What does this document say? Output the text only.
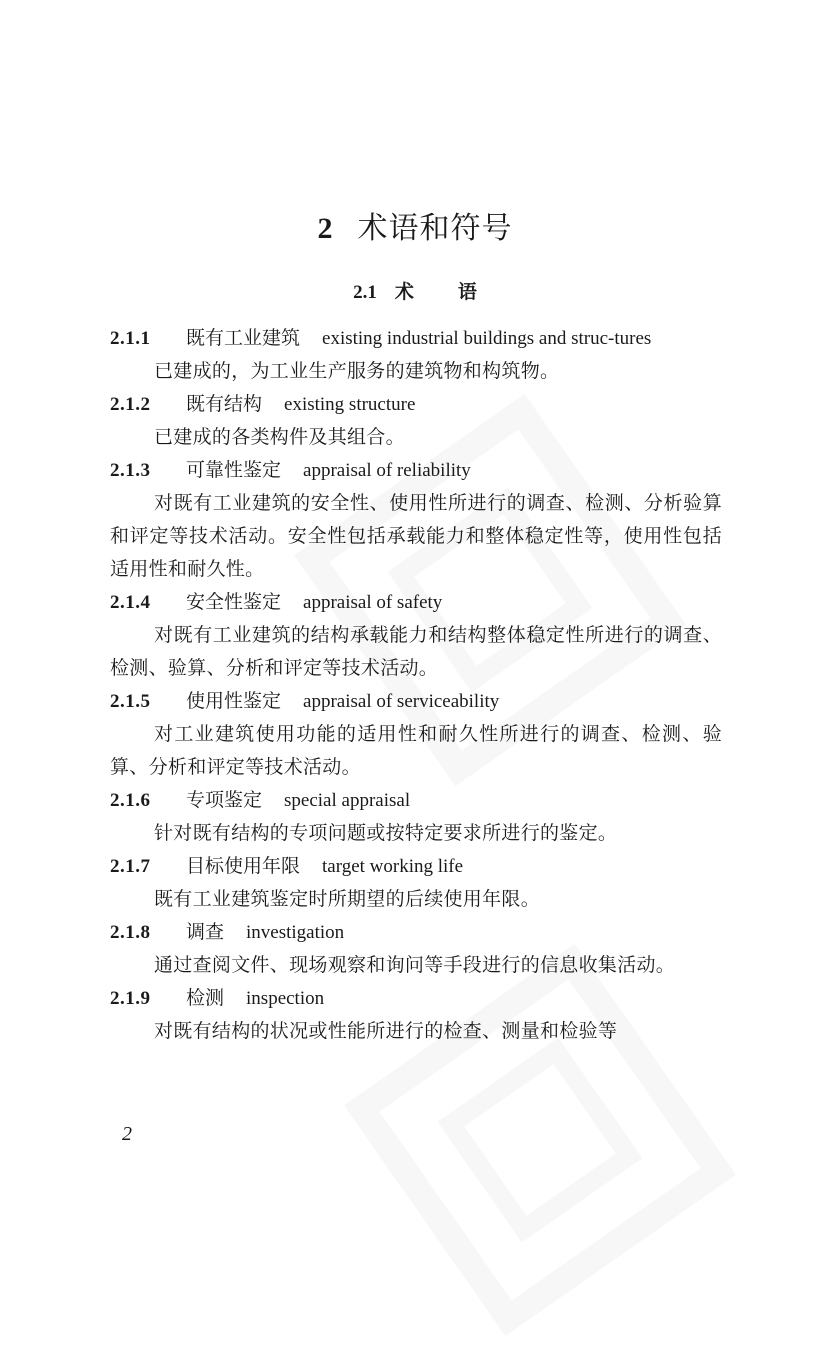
2 术语和符号
2.1 术语

2.1.1 既有工业建筑 existing industrial buildings and struc-tures

已建成的，为工业生产服务的建筑物和构筑物。

2.1.2 既有结构 existing structure

已建成的各类构件及其组合。

2.1.3 可靠性鉴定 appraisal of reliability

对既有工业建筑的安全性、使用性所进行的调查、检测、分析验算和评定等技术活动。安全性包括承载能力和整体稳定性等，使用性包括适用性和耐久性。

2.1.4 安全性鉴定 appraisal of safety

对既有工业建筑的结构承载能力和结构整体稳定性所进行的调查、检测、验算、分析和评定等技术活动。

2.1.5 使用性鉴定 appraisal of serviceability

对工业建筑使用功能的适用性和耐久性所进行的调查、检测、验算、分析和评定等技术活动。

2.1.6 专项鉴定 special appraisal

针对既有结构的专项问题或按特定要求所进行的鉴定。

2.1.7 目标使用年限 target working life

既有工业建筑鉴定时所期望的后续使用年限。

2.1.8 调查 investigation

通过查阅文件、现场观察和询问等手段进行的信息收集活动。

2.1.9 检测 inspection

对既有结构的状况或性能所进行的检查、测量和检验等

2
